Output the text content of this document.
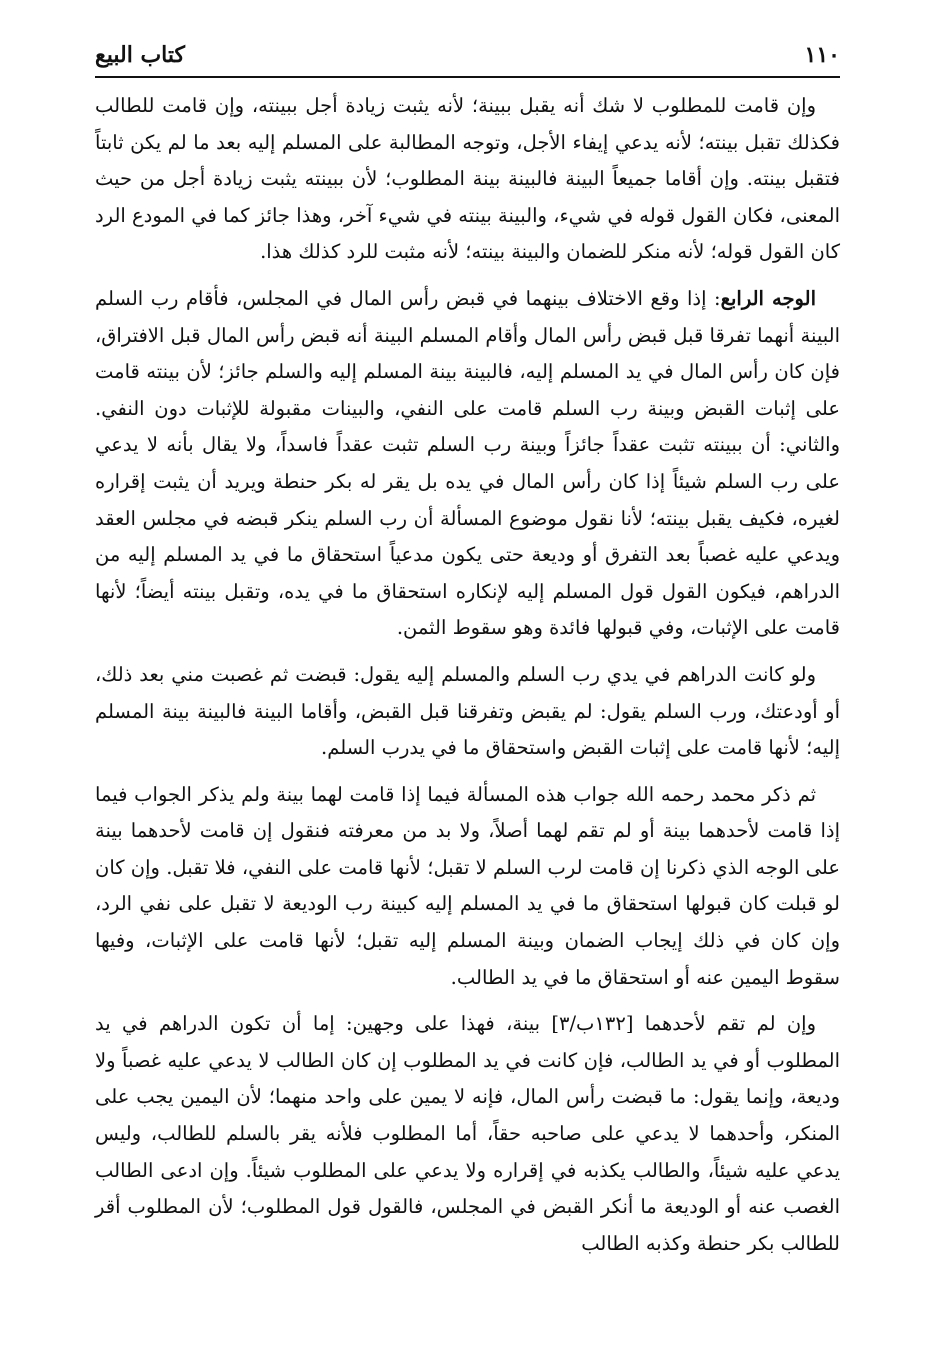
١١٠
كتاب البيع

وإن قامت للمطلوب لا شك أنه يقبل ببينة؛ لأنه يثبت زيادة أجل ببينته، وإن قامت للطالب فكذلك تقبل بينته؛ لأنه يدعي إيفاء الأجل، وتوجه المطالبة على المسلم إليه بعد ما لم يكن ثابتاً فتقبل بينته. وإن أقاما جميعاً البينة فالبينة بينة المطلوب؛ لأن ببينته يثبت زيادة أجل من حيث المعنى، فكان القول قوله في شيء، والبينة بينته في شيء آخر، وهذا جائز كما في المودع الرد كان القول قوله؛ لأنه منكر للضمان والبينة بينته؛ لأنه مثبت للرد كذلك هذا.

الوجه الرابع: إذا وقع الاختلاف بينهما في قبض رأس المال في المجلس، فأقام رب السلم البينة أنهما تفرقا قبل قبض رأس المال وأقام المسلم البينة أنه قبض رأس المال قبل الافتراق، فإن كان رأس المال في يد المسلم إليه، فالبينة بينة المسلم إليه والسلم جائز؛ لأن بينته قامت على إثبات القبض وبينة رب السلم قامت على النفي، والبينات مقبولة للإثبات دون النفي. والثاني: أن ببينته تثبت عقداً جائزاً وبينة رب السلم تثبت عقداً فاسداً، ولا يقال بأنه لا يدعي على رب السلم شيئاً إذا كان رأس المال في يده بل يقر له بكر حنطة ويريد أن يثبت إقراره لغيره، فكيف يقبل بينته؛ لأنا نقول موضوع المسألة أن رب السلم ينكر قبضه في مجلس العقد ويدعي عليه غصباً بعد التفرق أو وديعة حتى يكون مدعياً استحقاق ما في يد المسلم إليه من الدراهم، فيكون القول قول المسلم إليه لإنكاره استحقاق ما في يده، وتقبل بينته أيضاً؛ لأنها قامت على الإثبات، وفي قبولها فائدة وهو سقوط الثمن.

ولو كانت الدراهم في يدي رب السلم والمسلم إليه يقول: قبضت ثم غصبت مني بعد ذلك، أو أودعتك، ورب السلم يقول: لم يقبض وتفرقنا قبل القبض، وأقاما البينة فالبينة بينة المسلم إليه؛ لأنها قامت على إثبات القبض واستحقاق ما في يدرب السلم.

ثم ذكر محمد رحمه الله جواب هذه المسألة فيما إذا قامت لهما بينة ولم يذكر الجواب فيما إذا قامت لأحدهما بينة أو لم تقم لهما أصلاً، ولا بد من معرفته فنقول إن قامت لأحدهما بينة على الوجه الذي ذكرنا إن قامت لرب السلم لا تقبل؛ لأنها قامت على النفي، فلا تقبل. وإن كان لو قبلت كان قبولها استحقاق ما في يد المسلم إليه كبينة رب الوديعة لا تقبل على نفي الرد، وإن كان في ذلك إيجاب الضمان وبينة المسلم إليه تقبل؛ لأنها قامت على الإثبات، وفيها سقوط اليمين عنه أو استحقاق ما في يد الطالب.

وإن لم تقم لأحدهما [١٣٢ب/٣] بينة، فهذا على وجهين: إما أن تكون الدراهم في يد المطلوب أو في يد الطالب، فإن كانت في يد المطلوب إن كان الطالب لا يدعي عليه غصباً ولا وديعة، وإنما يقول: ما قبضت رأس المال، فإنه لا يمين على واحد منهما؛ لأن اليمين يجب على المنكر، وأحدهما لا يدعي على صاحبه حقاً، أما المطلوب فلأنه يقر بالسلم للطالب، وليس يدعي عليه شيئاً، والطالب يكذبه في إقراره ولا يدعي على المطلوب شيئاً. وإن ادعى الطالب الغصب عنه أو الوديعة ما أنكر القبض في المجلس، فالقول قول المطلوب؛ لأن المطلوب أقر للطالب بكر حنطة وكذبه الطالب
